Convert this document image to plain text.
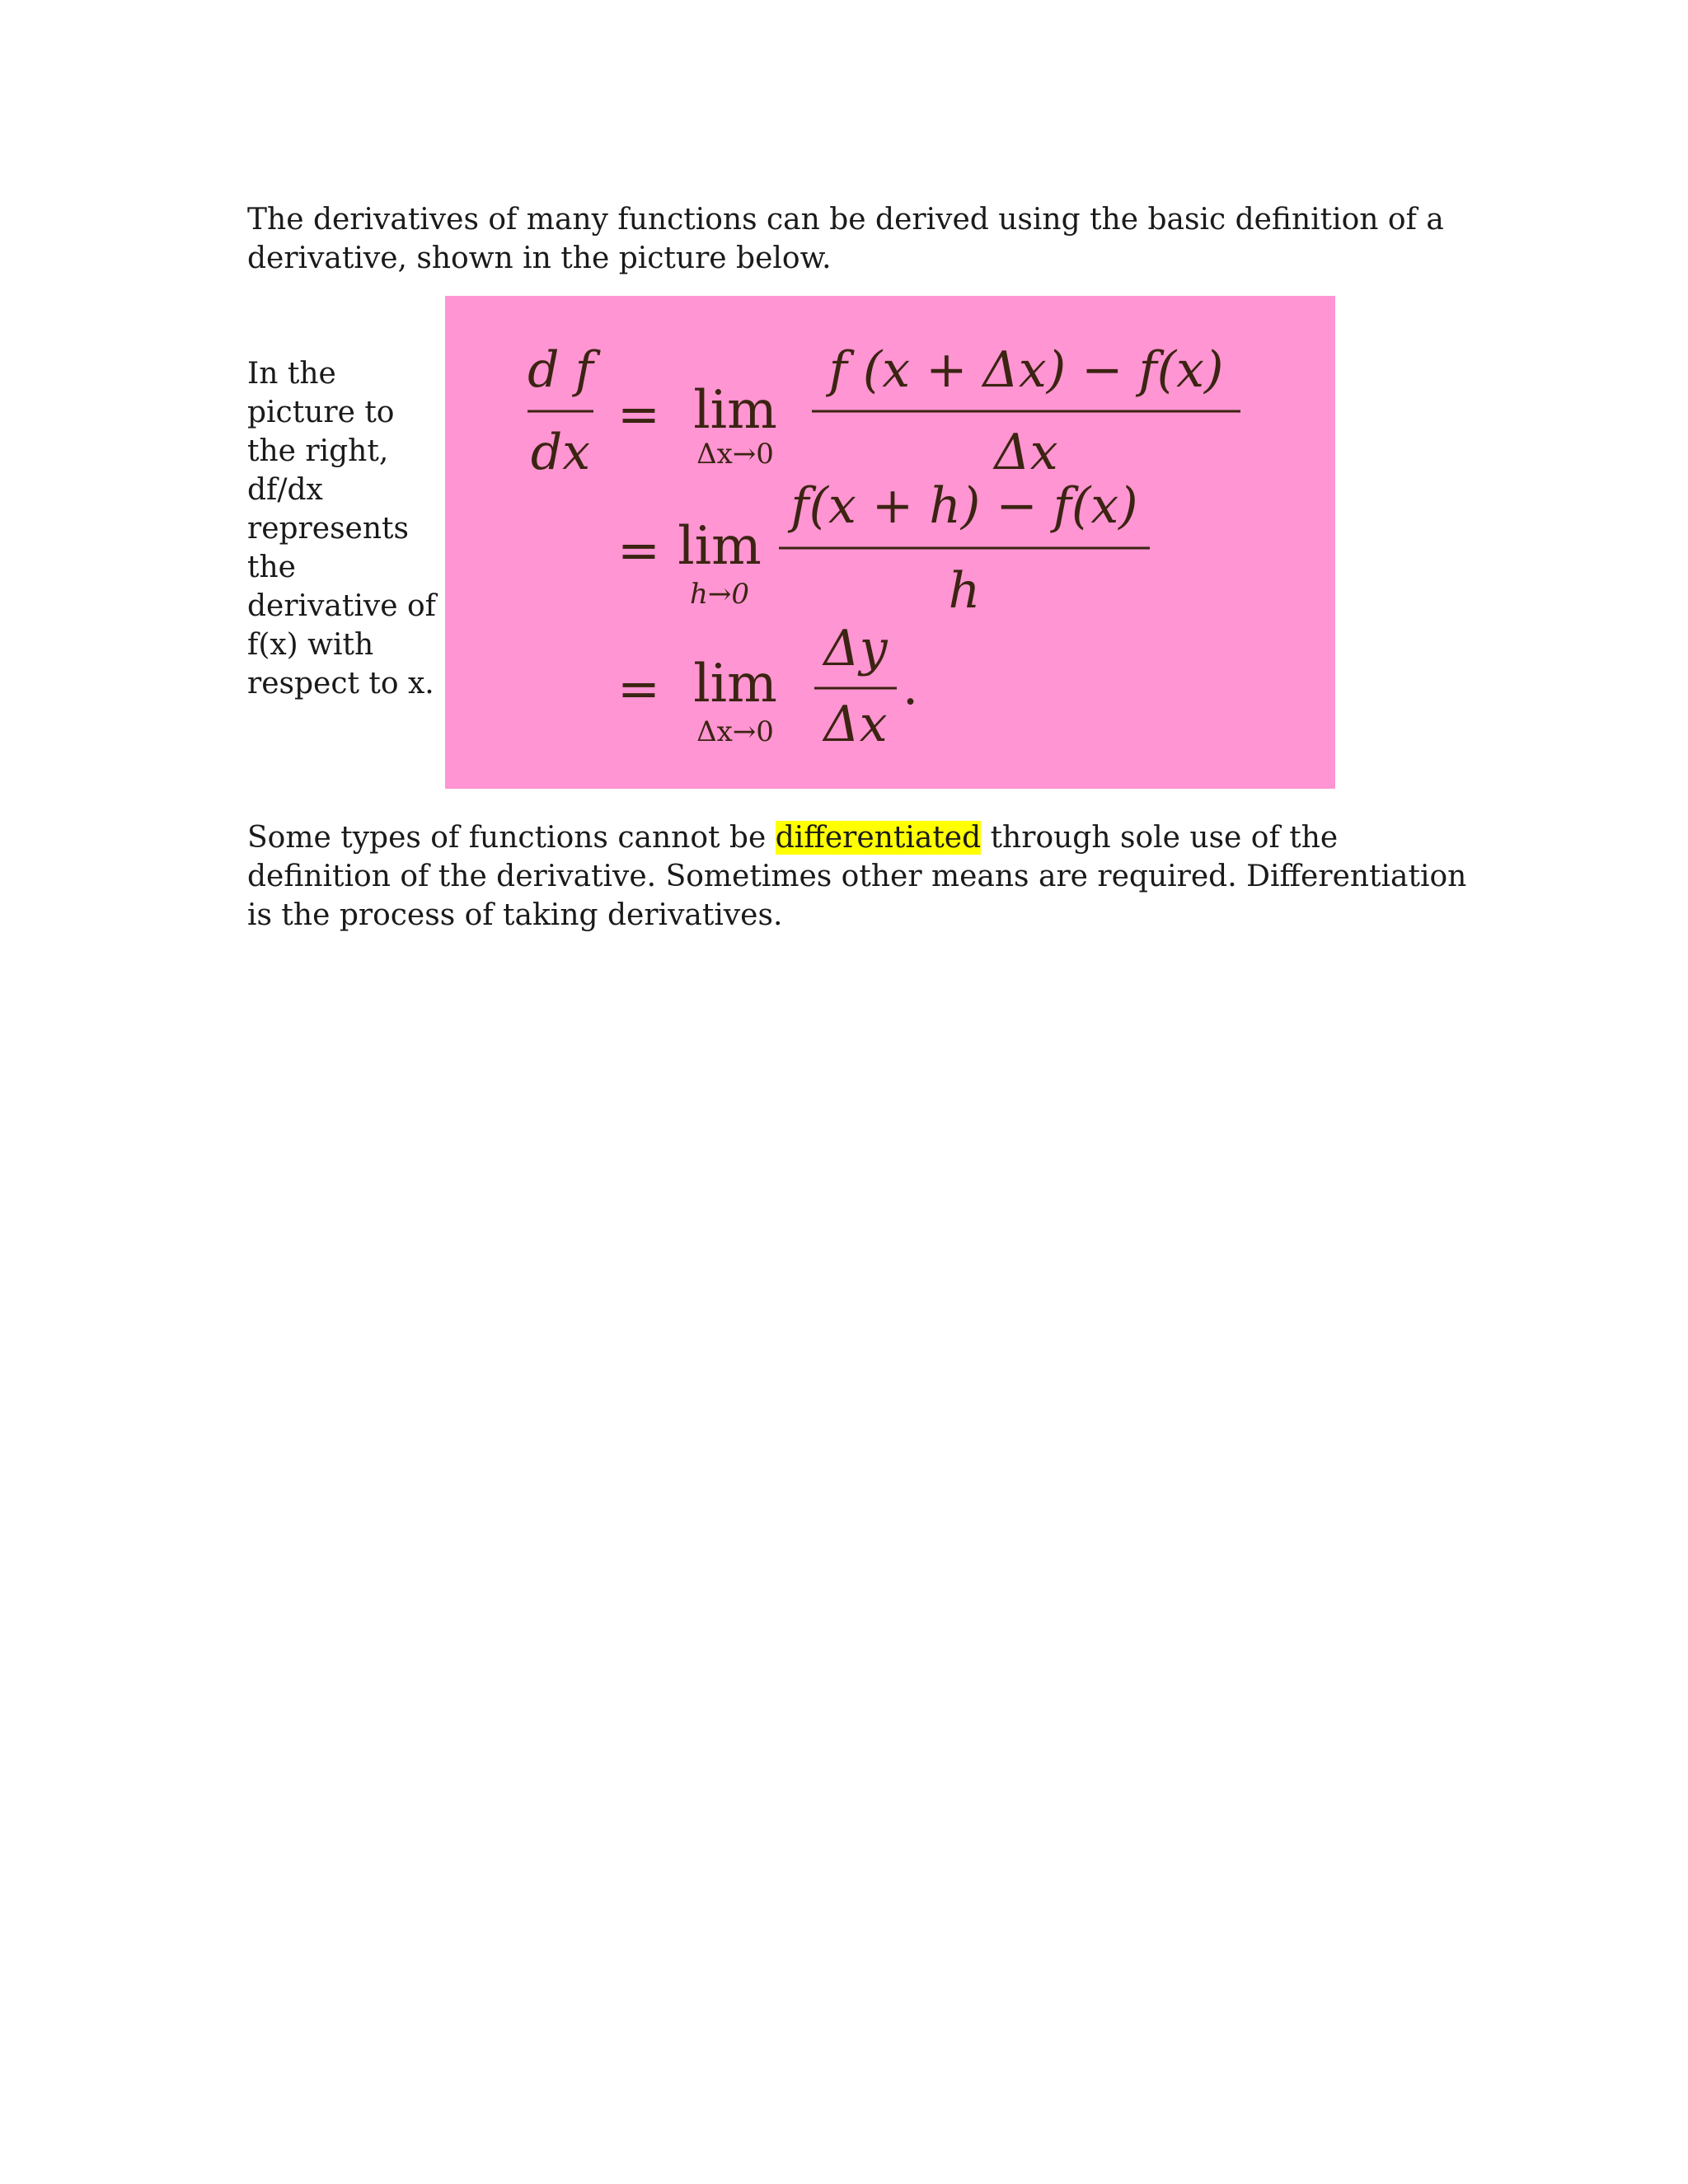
The derivatives of many functions can be derived using the basic definition of a derivative, shown in the picture below.

In the picture to the right, df/dx represents the derivative of f(x) with respect to x.

d f
dx
= lim
Δx→0
f (x + Δx) − f(x)
Δx
= lim
h→0
f(x + h) − f(x)
h
= lim
Δx→0
Δy
Δx
.

Some types of functions cannot be differentiated through sole use of the definition of the derivative. Sometimes other means are required. Differentiation is the process of taking derivatives.
